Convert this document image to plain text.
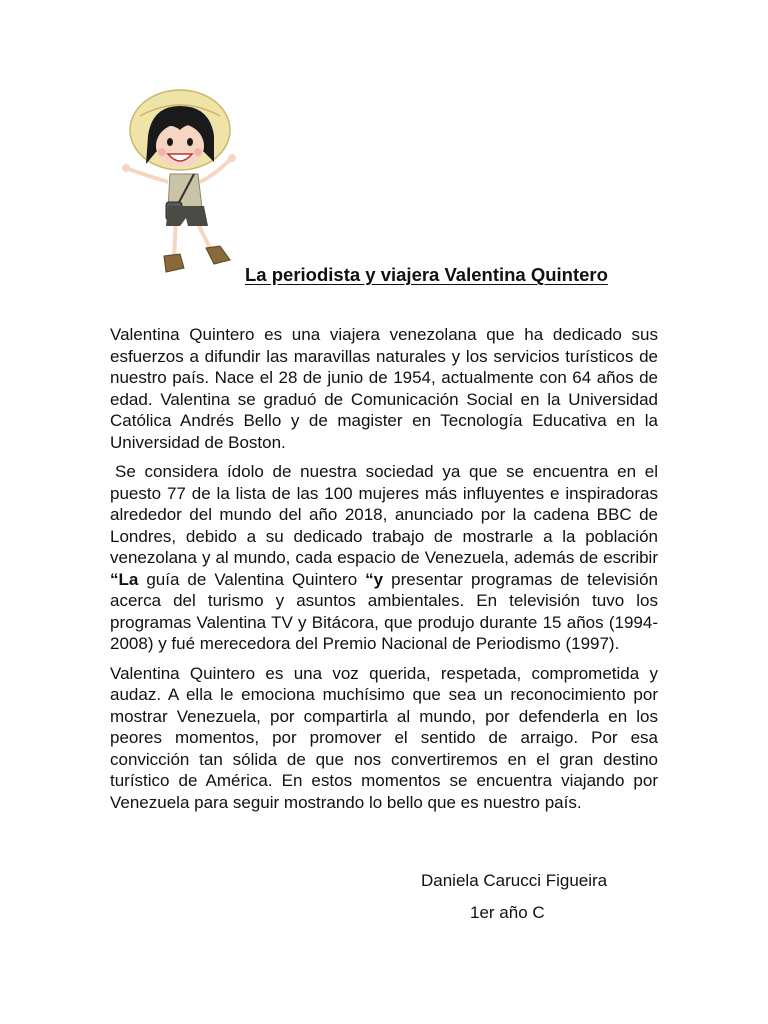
La periodista y viajera Valentina Quintero

Valentina Quintero es una viajera venezolana que ha dedicado sus esfuerzos a difundir las maravillas naturales y los servicios turísticos de nuestro país. Nace el 28 de junio de 1954, actualmente con 64 años de edad. Valentina se graduó de Comunicación Social en la Universidad Católica Andrés Bello y de magister en Tecnología Educativa en la Universidad de Boston.

Se considera ídolo de nuestra sociedad ya que se encuentra en el puesto 77 de la lista de las 100 mujeres más influyentes e inspiradoras alrededor del mundo del año 2018, anunciado por la cadena BBC de Londres, debido a su dedicado trabajo de mostrarle a la población venezolana y al mundo, cada espacio de Venezuela, además de escribir “La guía de Valentina Quintero “y presentar programas de televisión acerca del turismo y asuntos ambientales. En televisión tuvo los programas Valentina TV y Bitácora, que produjo durante 15 años (1994-2008) y fué merecedora del Premio Nacional de Periodismo (1997).

Valentina Quintero es una voz querida, respetada, comprometida y audaz. A ella le emociona muchísimo que sea un reconocimiento por mostrar Venezuela, por compartirla al mundo, por defenderla en los peores momentos, por promover el sentido de arraigo. Por esa convicción tan sólida de que nos convertiremos en el gran destino turístico de América. En estos momentos se encuentra viajando por Venezuela para seguir mostrando lo bello que es nuestro país.

Daniela Carucci Figueira
1er año C
